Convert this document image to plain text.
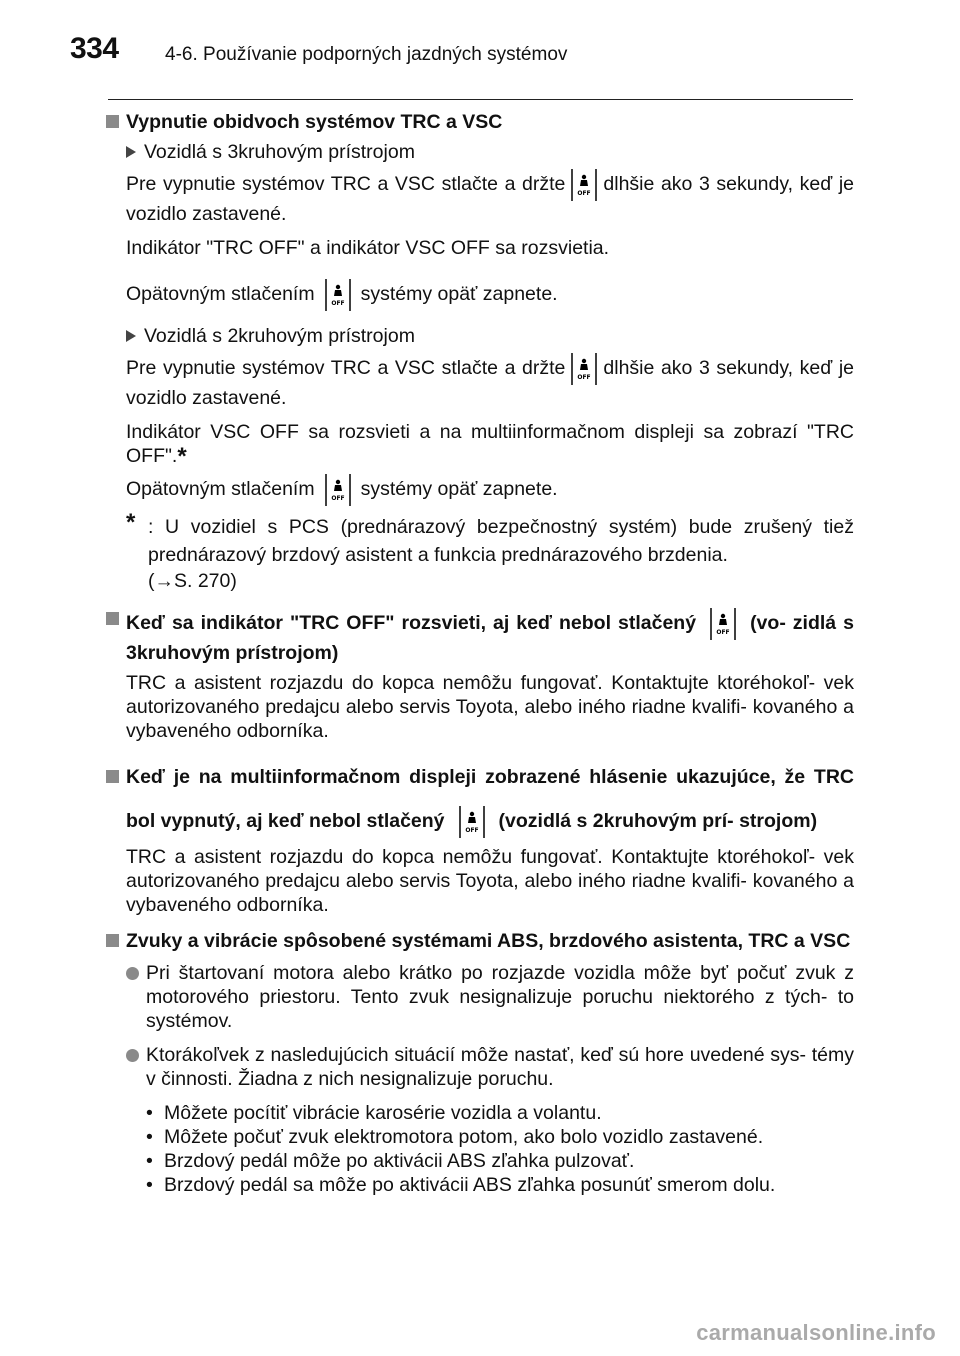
334 4-6. Používanie podporných jazdných systémov
Vypnutie obidvoch systémov TRC a VSC
Vozidlá s 3kruhovým prístrojom
Pre vypnutie systémov TRC a VSC stlačte a držte OFF dlhšie ako 3 sekundy, keď je vozidlo zastavené.
Indikátor "TRC OFF" a indikátor VSC OFF sa rozsvietia.
Opätovným stlačením	OFF systémy opäť zapnete.
Vozidlá s 2kruhovým prístrojom
Pre vypnutie systémov TRC a VSC stlačte a držte OFF dlhšie ako 3 sekundy, keď je vozidlo zastavené.
Indikátor VSC OFF sa rozsvieti a na multiinformačnom displeji sa zobrazí "TRC OFF".*
Opätovným stlačením	OFF systémy opäť zapnete.
* : U vozidiel s PCS (prednárazový bezpečnostný systém) bude zrušený tiež prednárazový brzdový asistent a funkcia prednárazového brzdenia.
(→S. 270)
Keď sa indikátor "TRC OFF" rozsvieti, aj keď nebol stlačený	OFF (vo- zidlá s 3kruhovým prístrojom)
TRC a asistent rozjazdu do kopca nemôžu fungovať. Kontaktujte ktoréhokoľ- vek autorizovaného predajcu alebo servis Toyota, alebo iného riadne kvalifi- kovaného a vybaveného odborníka.
Keď je na multiinformačnom displeji zobrazené hlásenie ukazujúce, že TRC bol vypnutý, aj keď nebol stlačený	OFF (vozidlá s 2kruhovým prí- strojom)
TRC a asistent rozjazdu do kopca nemôžu fungovať. Kontaktujte ktoréhokoľ- vek autorizovaného predajcu alebo servis Toyota, alebo iného riadne kvalifi- kovaného a vybaveného odborníka.
Zvuky a vibrácie spôsobené systémami ABS, brzdového asistenta, TRC a VSC
Pri štartovaní motora alebo krátko po rozjazde vozidla môže byť počuť zvuk z motorového priestoru. Tento zvuk nesignalizuje poruchu niektorého z tých- to systémov.
Ktorákoľvek z nasledujúcich situácií môže nastať, keď sú hore uvedené sys- témy v činnosti. Žiadna z nich nesignalizuje poruchu.
• Môžete pocítiť vibrácie karosérie vozidla a volantu.
• Môžete počuť zvuk elektromotora potom, ako bolo vozidlo zastavené.
• Brzdový pedál môže po aktivácii ABS zľahka pulzovať.
• Brzdový pedál sa môže po aktivácii ABS zľahka posunúť smerom dolu.
carmanualsonline.info
